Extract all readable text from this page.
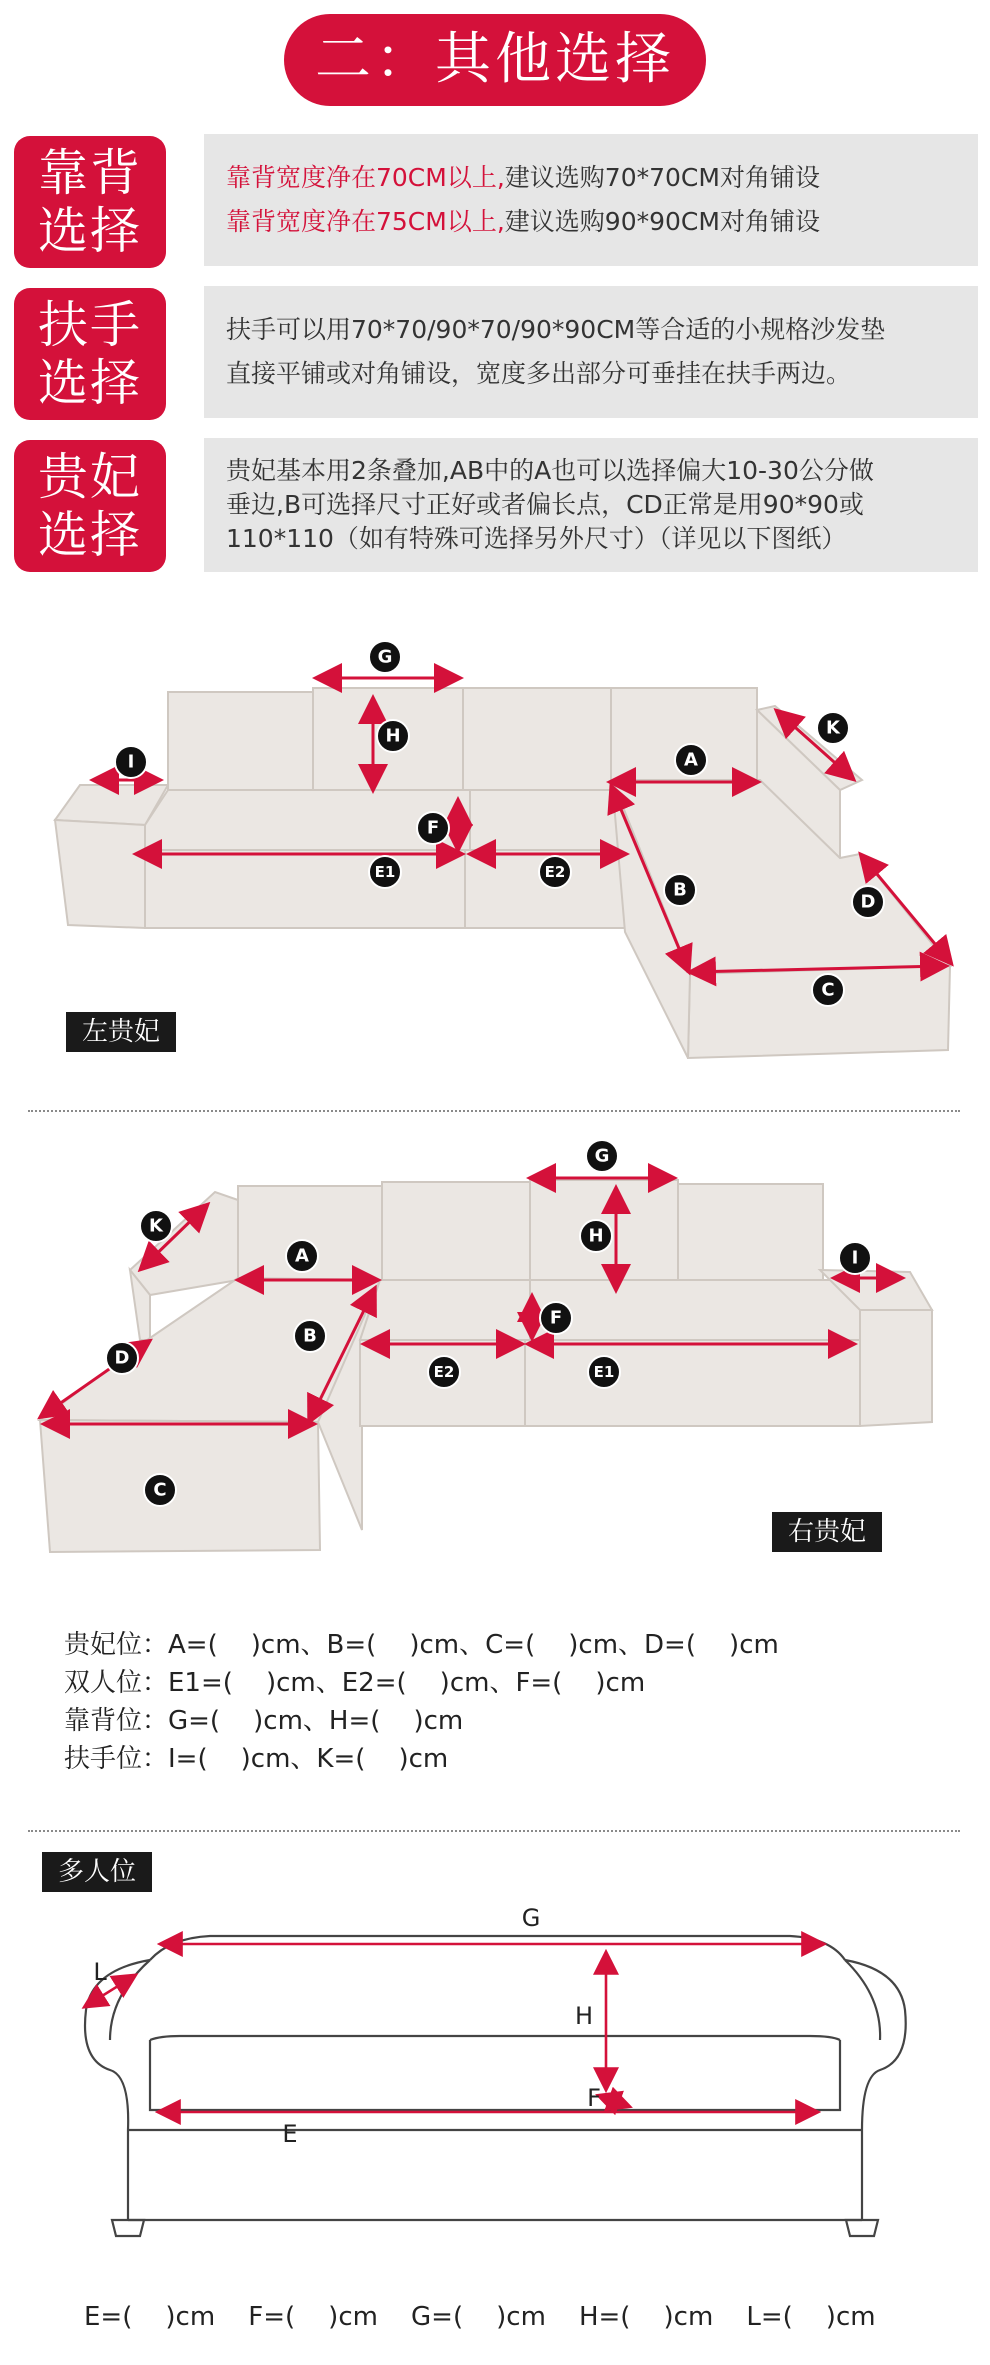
二：其他选择
靠背
选择
靠背宽度净在70CM以上,建议选购70*70CM对角铺设
靠背宽度净在75CM以上,建议选购90*90CM对角铺设
扶手
选择
扶手可以用70*70/90*70/90*90CM等合适的小规格沙发垫
直接平铺或对角铺设，宽度多出部分可垂挂在扶手两边。
贵妃
选择
贵妃基本用2条叠加,AB中的A也可以选择偏大10-30公分做
垂边,B可选择尺寸正好或者偏长点，CD正常是用90*90或
110*110（如有特殊可选择另外尺寸）（详见以下图纸）
G
H
I
F
E1	E2
A
B
K
D
C
左贵妃
G
H
I
F
E1
E2
A
B
K
D
C
右贵妃
贵妃位：A=(    )cm、B=(    )cm、C=(    )cm、D=(    )cm
双人位：E1=(    )cm、E2=(    )cm、F=(    )cm
靠背位：G=(    )cm、H=(    )cm
扶手位：I=(    )cm、K=(    )cm
多人位
G
H
L
F
E
E=(    )cm    F=(    )cm    G=(    )cm    H=(    )cm    L=(    )cm
